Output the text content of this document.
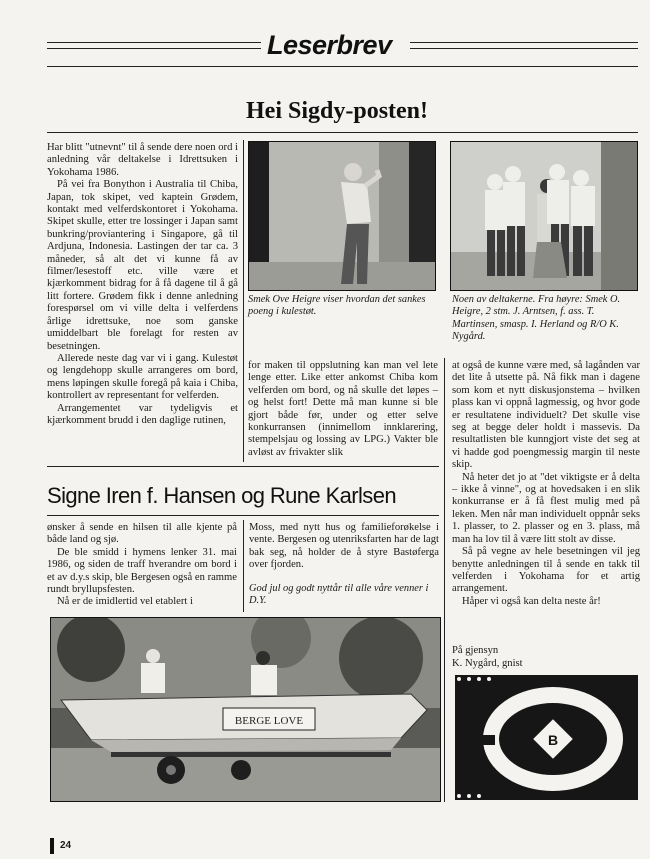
Leserbrev
Hei Sigdy-posten!

Har blitt "utnevnt" til å sende dere noen ord i anledning vår deltakelse i Idrettsuken i Yokohama 1986.

På vei fra Bonython i Australia til Chiba, Japan, tok skipet, ved kaptein Grødem, kontakt med velferdskontoret i Yokohama. Skipet skulle, etter tre lossinger i Japan samt bunkring/proviantering i Singapore, gå til Ardjuna, Indonesia. Lastingen der tar ca. 3 måneder, så alt det vi kunne få av filmer/lesestoff etc. ville være et kjærkomment bidrag for å få dagene til å gå litt fortere. Grødem fikk i denne anledning forespørsel om vi ville delta i velferdens årlige idrettsuke, noe som ganske umiddelbart ble forelagt for resten av besetningen.

Allerede neste dag var vi i gang. Kulestøt og lengdehopp skulle arrangeres om bord, mens løpingen skulle foregå på kaia i Chiba, kontrollert av representant for velferden.

Arrangementet var tydeligvis et kjærkomment brudd i den daglige rutinen,

Smek Ove Heigre viser hvordan det sankes poeng i kulestøt.
Noen av deltakerne. Fra høyre: Smek O. Heigre, 2 stm. J. Arntsen, f. ass. T. Martinsen, smasp. I. Herland og R/O K. Nygård.

for maken til oppslutning kan man vel lete lenge etter. Like etter ankomst Chiba kom velferden om bord, og nå skulle det løpes – og helst fort! Dette må man kunne si ble gjort både før, under og etter selve konkurransen (innimellom innklarering, stempelsjau og lossing av LPG.) Vakter ble avløst av frivakter slik

at også de kunne være med, så lagånden var det lite å utsette på. Nå fikk man i dagene som kom et nytt diskusjonstema – hvilken plass kan vi oppnå lagmessig, og hvor gode er resultatene individuelt? Det skulle vise seg at begge deler holdt i massevis. Da resultatlisten ble kunngjort viste det seg at vi hadde god poengmessig margin til neste skip.

Nå heter det jo at "det viktigste er å delta – ikke å vinne", og at hovedsaken i en slik konkurranse er å få flest mulig med på leken. Men når man individuelt oppnår seks 1. plasser, to 2. plasser og en 3. plass, må man ha lov til å være litt stolt av disse.

Så på vegne av hele besetningen vil jeg benytte anledningen til å sende en takk til velferden i Yokohama for et artig arrangement.

Håper vi også kan delta neste år!

På gjensyn
K. Nygård, gnist
B
Signe Iren f. Hansen og Rune Karlsen

ønsker å sende en hilsen til alle kjente på både land og sjø.

De ble smidd i hymens lenker 31. mai 1986, og siden de traff hverandre om bord i et av d.y.s skip, ble Bergesen også en ramme rundt bryllupsfesten.

Nå er de imidlertid vel etablert i

Moss, med nytt hus og familieforøkelse i vente. Bergesen og utenriksfarten har de lagt bak seg, nå holder de å styre Bastøferga over fjorden.

God jul og godt nyttår til alle våre venner i D.Y.
BERGE LOVE
24
